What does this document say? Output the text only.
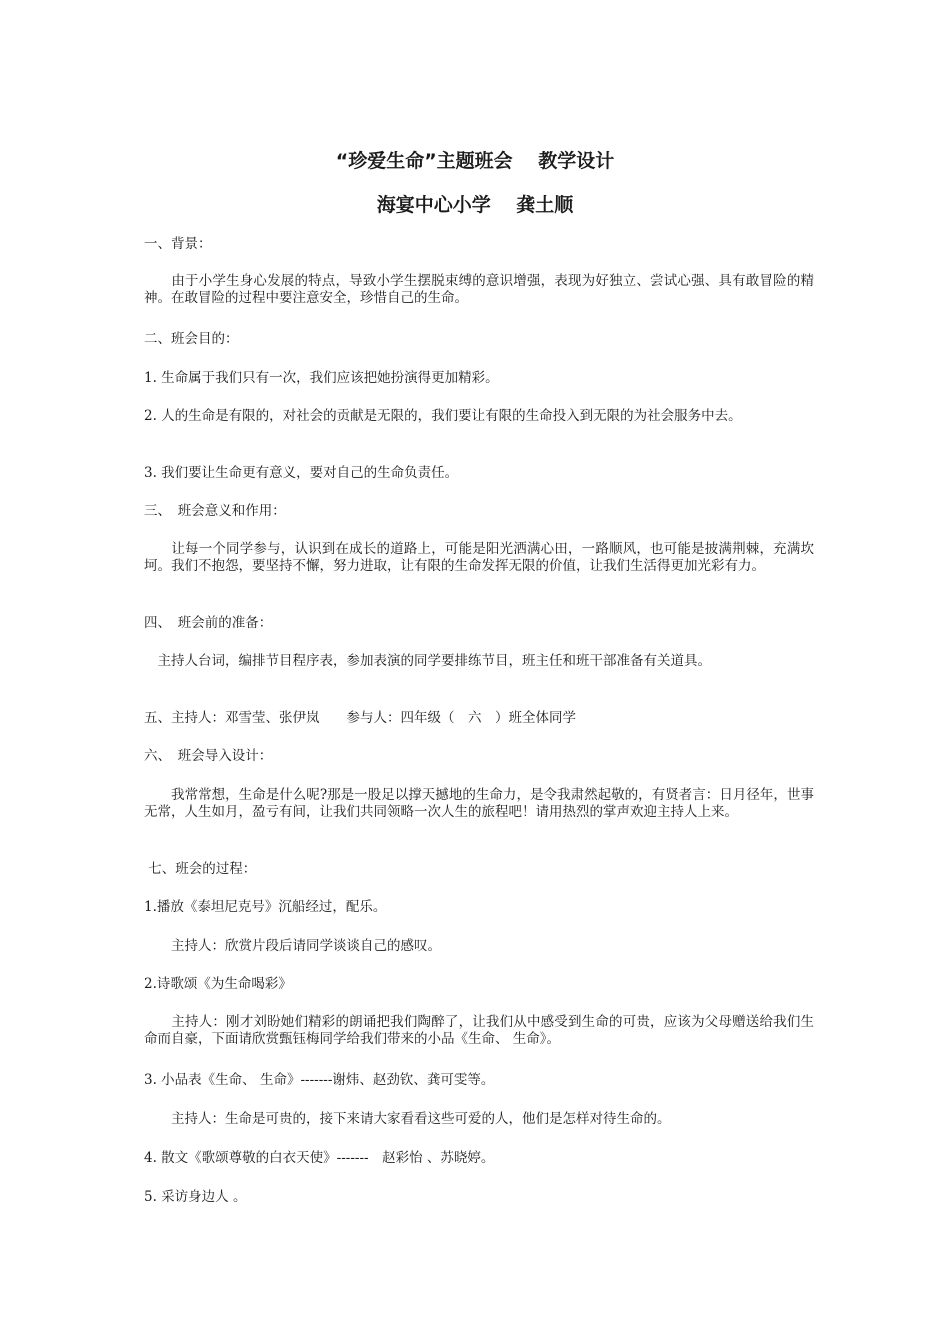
“珍爱生命”主题班会　 教学设计
海宴中心小学　 龚土顺
一、背景：
　　由于小学生身心发展的特点，导致小学生摆脱束缚的意识增强，表现为好独立、尝试心强、具有敢冒险的精神。在敢冒险的过程中要注意安全，珍惜自己的生命。
二、班会目的：
1. 生命属于我们只有一次，我们应该把她扮演得更加精彩。
2. 人的生命是有限的，对社会的贡献是无限的，我们要让有限的生命投入到无限的为社会服务中去。
3. 我们要让生命更有意义，要对自己的生命负责任。
三、　班会意义和作用：
　　让每一个同学参与，认识到在成长的道路上，可能是阳光洒满心田，一路顺风，也可能是披满荆棘，充满坎坷。我们不抱怨，要坚持不懈，努力进取，让有限的生命发挥无限的价值，让我们生活得更加光彩有力。
四、　班会前的准备：
　主持人台词，编排节目程序表，参加表演的同学要排练节目，班主任和班干部准备有关道具。
五、主持人：邓雪莹、张伊岚　　参与人：四年级（　六　）班全体同学
六、　班会导入设计：
　　我常常想，生命是什么呢?那是一股足以撑天撼地的生命力，是令我肃然起敬的，有贤者言：日月径年，世事无常，人生如月，盈亏有间，让我们共同领略一次人生的旅程吧！请用热烈的掌声欢迎主持人上来。
七、班会的过程：
1.播放《泰坦尼克号》沉船经过，配乐。
　　主持人：欣赏片段后请同学谈谈自己的感叹。
2.诗歌颂《为生命喝彩》
　　主持人：刚才刘盼她们精彩的朗诵把我们陶醉了，让我们从中感受到生命的可贵，应该为父母赠送给我们生命而自豪，下面请欣赏甄钰梅同学给我们带来的小品《生命、 生命》。
3. 小品表《生命、 生命》-------谢炜、赵劲钦、龚可雯等。
　　主持人：生命是可贵的，接下来请大家看看这些可爱的人，他们是怎样对待生命的。
4. 散文《歌颂尊敬的白衣天使》-------　赵彩怡 、苏晓婷。
5. 采访身边人 。
